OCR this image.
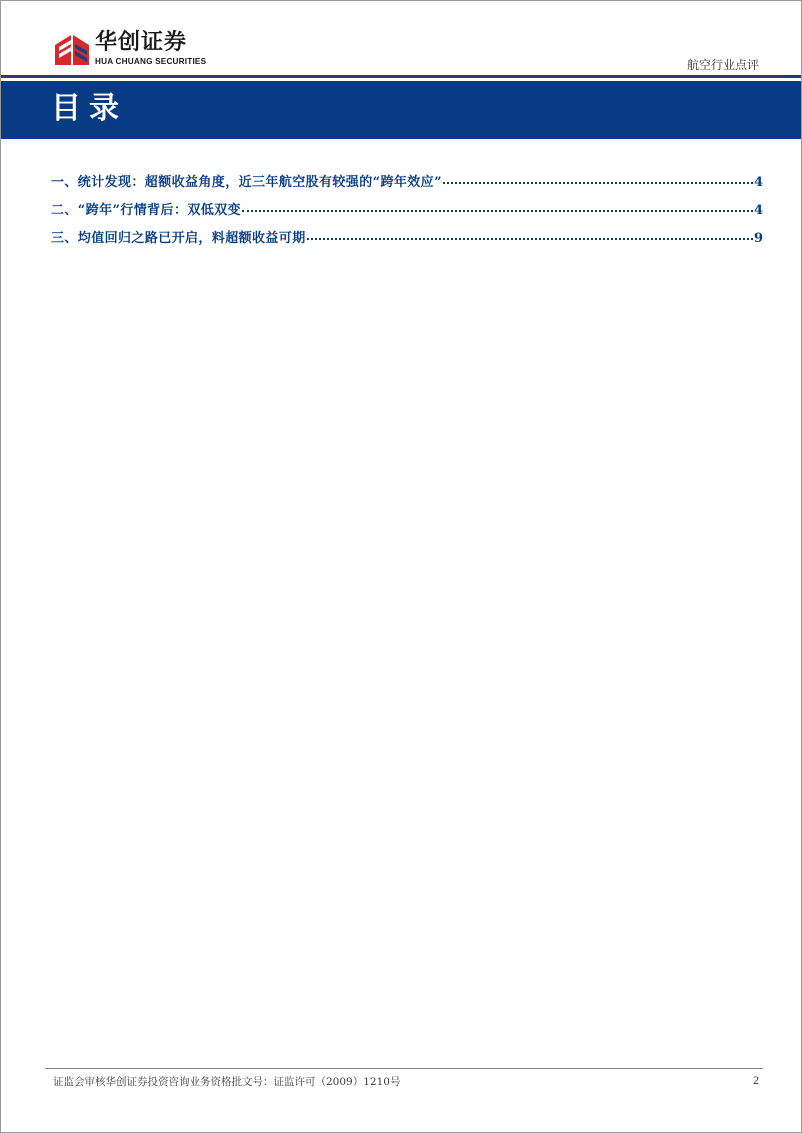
华创证券
HUA CHUANG SECURITIES	航空行业点评
目录
一、统计发现：超额收益角度，近三年航空股有较强的“跨年效应”	4
二、“跨年”行情背后：双低双变	4
三、均值回归之路已开启，料超额收益可期	9
证监会审核华创证券投资咨询业务资格批文号：证监许可（2009）1210号	2
